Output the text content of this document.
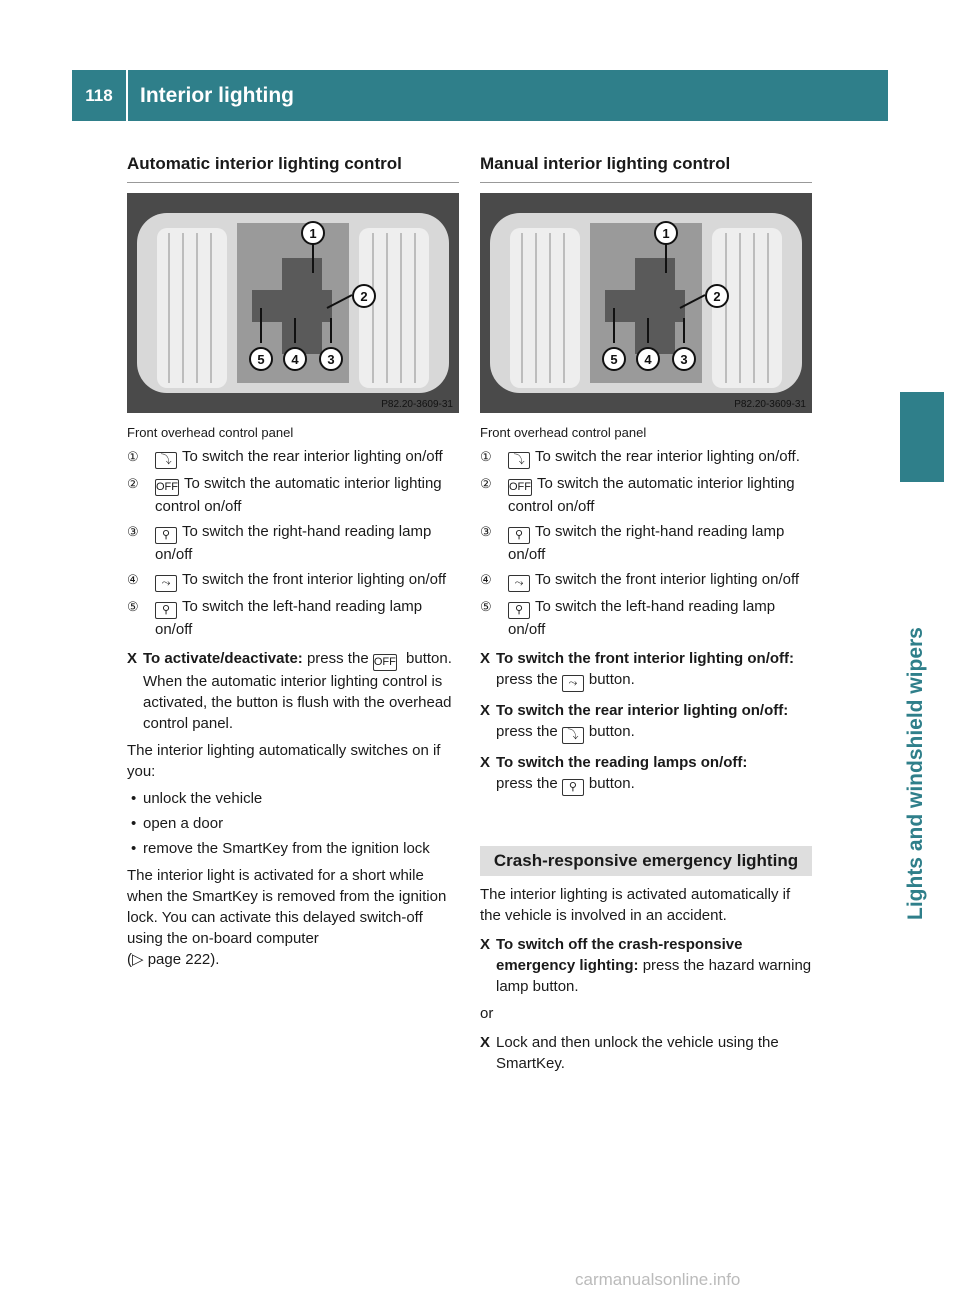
118	Interior lighting
Lights and windshield wipers
Automatic interior lighting control
1
2
3
4
5
P82.20-3609-31
Front overhead control panel
① ⤵ To switch the rear interior lighting on/off
② OFF To switch the automatic interior lighting control on/off
③ ⚲ To switch the right-hand reading lamp on/off
④ ⤳ To switch the front interior lighting on/off
⑤ ⚲ To switch the left-hand reading lamp on/off
X To activate/deactivate: press the OFF button.
When the automatic interior lighting control is activated, the button is flush with the overhead control panel.
The interior lighting automatically switches on if you:
• unlock the vehicle
• open a door
• remove the SmartKey from the ignition lock
The interior light is activated for a short while when the SmartKey is removed from the ignition lock. You can activate this delayed switch-off using the on-board computer
(▷ page 222).
Manual interior lighting control
1
2
3
4
5
P82.20-3609-31
Front overhead control panel
① ⤵ To switch the rear interior lighting on/off.
② OFF To switch the automatic interior lighting control on/off
③ ⚲ To switch the right-hand reading lamp on/off
④ ⤳ To switch the front interior lighting on/off
⑤ ⚲ To switch the left-hand reading lamp on/off
X To switch the front interior lighting on/off: press the ⤳ button.
X To switch the rear interior lighting on/off: press the ⤵ button.
X To switch the reading lamps on/off:
press the ⚲ button.
Crash-responsive emergency lighting
The interior lighting is activated automatically if the vehicle is involved in an accident.
X To switch off the crash-responsive emergency lighting: press the hazard warning lamp button.
or
X Lock and then unlock the vehicle using the SmartKey.
carmanualsonline.info
